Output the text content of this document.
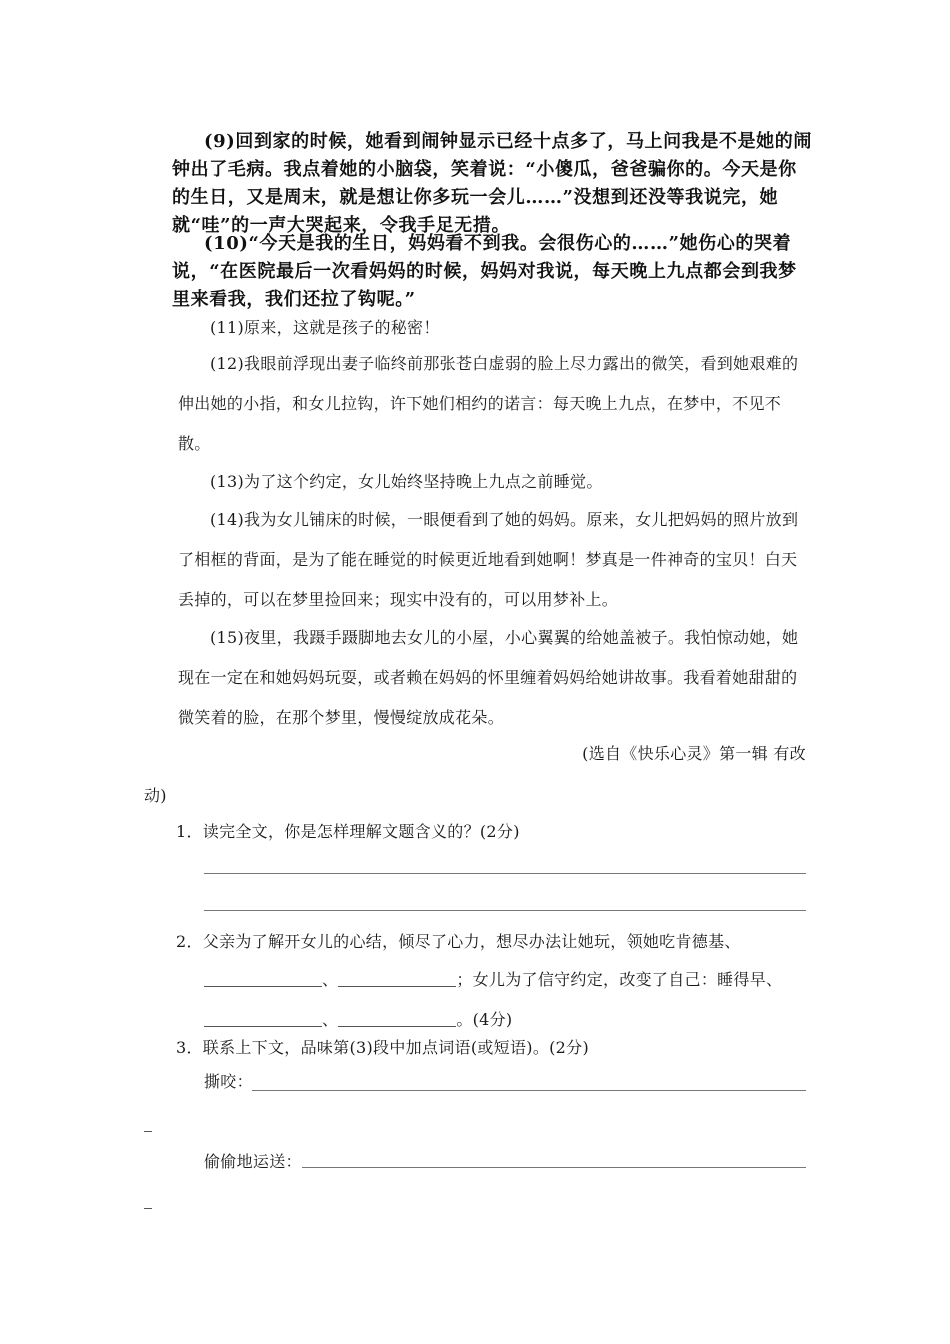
(9)回到家的时候，她看到闹钟显示已经十点多了，马上问我是不是她的闹钟出了毛病。我点着她的小脑袋，笑着说：“小傻瓜，爸爸骗你的。今天是你的生日，又是周末，就是想让你多玩一会儿……”没想到还没等我说完，她就“哇”的一声大哭起来，令我手足无措。

(10)“今天是我的生日，妈妈看不到我。会很伤心的……”她伤心的哭着说，“在医院最后一次看妈妈的时候，妈妈对我说，每天晚上九点都会到我梦里来看我，我们还拉了钩呢。”

(11)原来，这就是孩子的秘密！

(12)我眼前浮现出妻子临终前那张苍白虚弱的脸上尽力露出的微笑，看到她艰难的伸出她的小指，和女儿拉钩，许下她们相约的诺言：每天晚上九点，在梦中，不见不散。

(13)为了这个约定，女儿始终坚持晚上九点之前睡觉。

(14)我为女儿铺床的时候，一眼便看到了她的妈妈。原来，女儿把妈妈的照片放到了相框的背面，是为了能在睡觉的时候更近地看到她啊！梦真是一件神奇的宝贝！白天丢掉的，可以在梦里捡回来；现实中没有的，可以用梦补上。

(15)夜里，我蹑手蹑脚地去女儿的小屋，小心翼翼的给她盖被子。我怕惊动她，她现在一定在和她妈妈玩耍，或者赖在妈妈的怀里缠着妈妈给她讲故事。我看着她甜甜的微笑着的脸，在那个梦里，慢慢绽放成花朵。

(选自《快乐心灵》第一辑 有改

动)

1．读完全文，你是怎样理解文题含义的？(2分)

2．父亲为了解开女儿的心结，倾尽了心力，想尽办法让她玩，领她吃肯德基、

、	；女儿为了信守约定，改变了自己：睡得早、
、	。(4分)

3．联系上下文，品味第(3)段中加点词语(或短语)。(2分)

撕咬：

偷偷地运送：
